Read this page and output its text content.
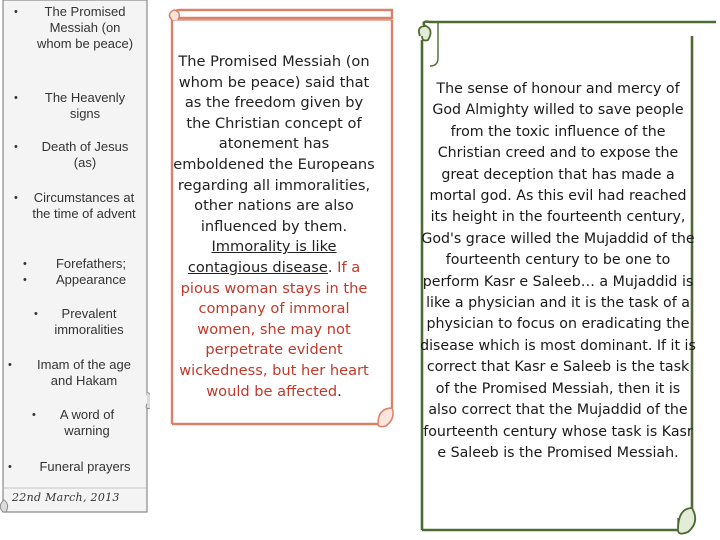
• The Promised Messiah (on whom be peace)
• The Heavenly signs
• Death of Jesus (as)
• Circumstances at the time of advent
•
•
Forefathers; Appearance
• Prevalent immoralities
• Imam of the age and Hakam
• A word of warning
• Funeral prayers
22nd March, 2013
The Promised Messiah (on whom be peace) said that as the freedom given by the Christian concept of atonement has emboldened the Europeans regarding all immoralities, other nations are also influenced by them. Immorality is like contagious disease. If a pious woman stays in the company of immoral women, she may not perpetrate evident wickedness, but her heart would be affected.
The sense of honour and mercy of God Almighty willed to save people from the toxic influence of the Christian creed and to expose the great deception that has made a mortal god. As this evil had reached its height in the fourteenth century, God's grace willed the Mujaddid of the fourteenth century to be one to perform Kasr e Saleeb… a Mujaddid is like a physician and it is the task of a physician to focus on eradicating the disease which is most dominant. If it is correct that Kasr e Saleeb is the task of the Promised Messiah, then it is also correct that the Mujaddid of the fourteenth century whose task is Kasr e Saleeb is the Promised Messiah.
